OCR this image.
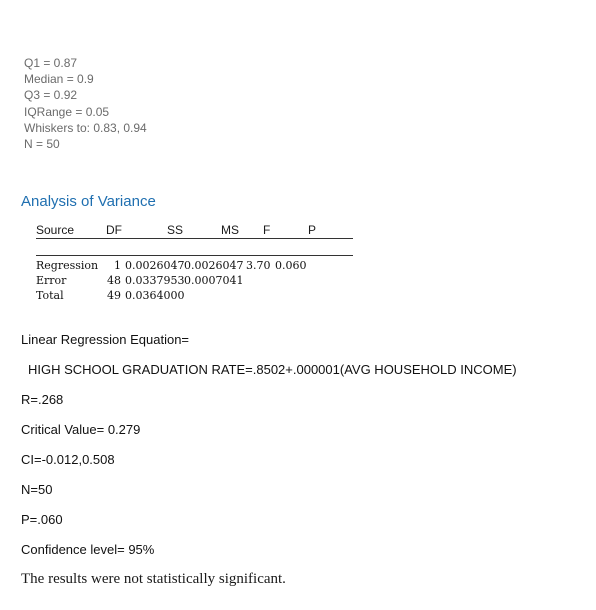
Q1 = 0.87
Median = 0.9
Q3 = 0.92
IQRange = 0.05
Whiskers to: 0.83, 0.94
N = 50
Analysis of Variance
Source	DF	SS	MS F	P
Regression 1 0.0026047 0.0026047 3.70 0.060
Error	48 0.0337953 0.0007041
Total	49 0.0364000
Linear Regression Equation=
HIGH SCHOOL GRADUATION RATE=.8502+.000001(AVG HOUSEHOLD INCOME)
R=.268
Critical Value= 0.279
CI=-0.012,0.508
N=50
P=.060
Confidence level= 95%
The results were not statistically significant.
